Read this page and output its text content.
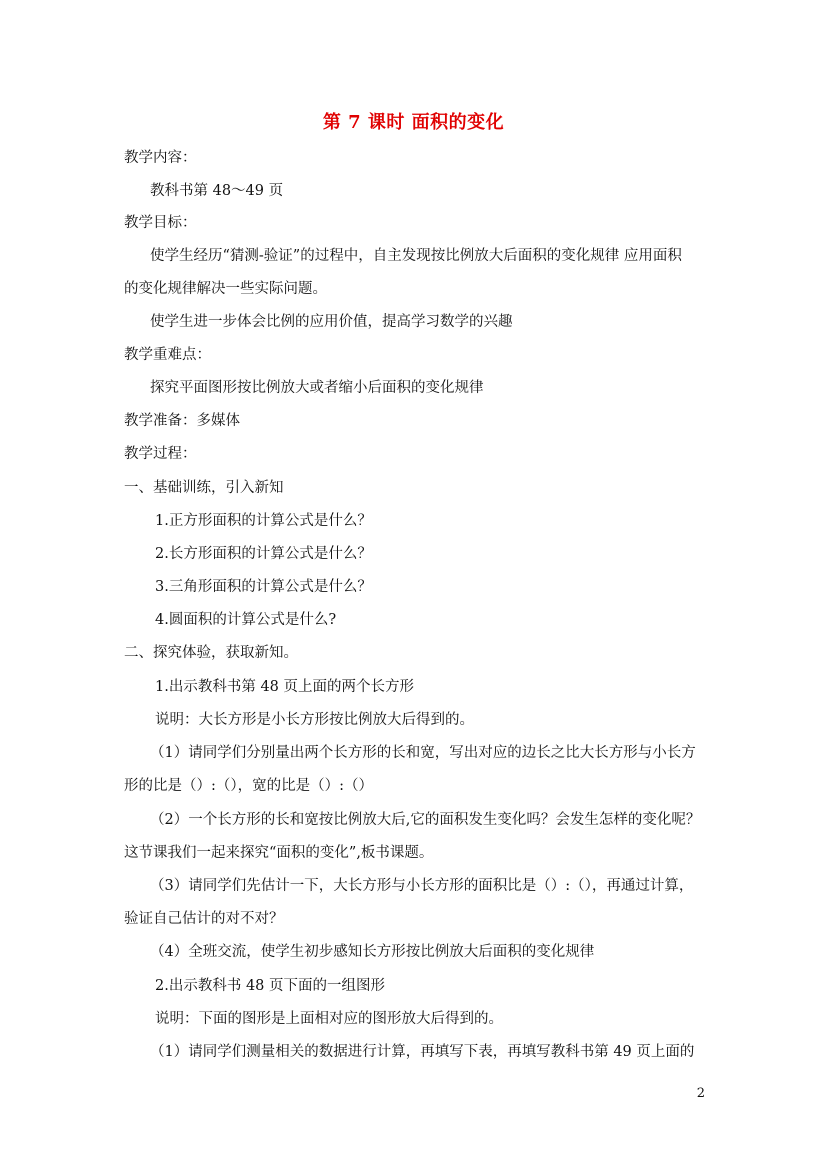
第 7 课时 面积的变化
教学内容：
教科书第 48～49 页
教学目标：
使学生经历“猜测-验证”的过程中，自主发现按比例放大后面积的变化规律 应用面积
的变化规律解决一些实际问题。
使学生进一步体会比例的应用价值，提高学习数学的兴趣
教学重难点：
探究平面图形按比例放大或者缩小后面积的变化规律
教学准备：多媒体
教学过程：
一、基础训练，引入新知
1.正方形面积的计算公式是什么？
2.长方形面积的计算公式是什么？
3.三角形面积的计算公式是什么？
4.圆面积的计算公式是什么?
二、探究体验，获取新知。
1.出示教科书第 48 页上面的两个长方形
说明：大长方形是小长方形按比例放大后得到的。
（1）请同学们分别量出两个长方形的长和宽，写出对应的边长之比大长方形与小长方
形的比是（）:（），宽的比是（）:（）
（2）一个长方形的长和宽按比例放大后,它的面积发生变化吗？会发生怎样的变化呢？
这节课我们一起来探究“面积的变化”,板书课题。
（3）请同学们先估计一下，大长方形与小长方形的面积比是（）:（），再通过计算，
验证自己估计的对不对？
（4）全班交流，使学生初步感知长方形按比例放大后面积的变化规律
2.出示教科书 48 页下面的一组图形
说明：下面的图形是上面相对应的图形放大后得到的。
（1）请同学们测量相关的数据进行计算，再填写下表，再填写教科书第 49 页上面的
2
